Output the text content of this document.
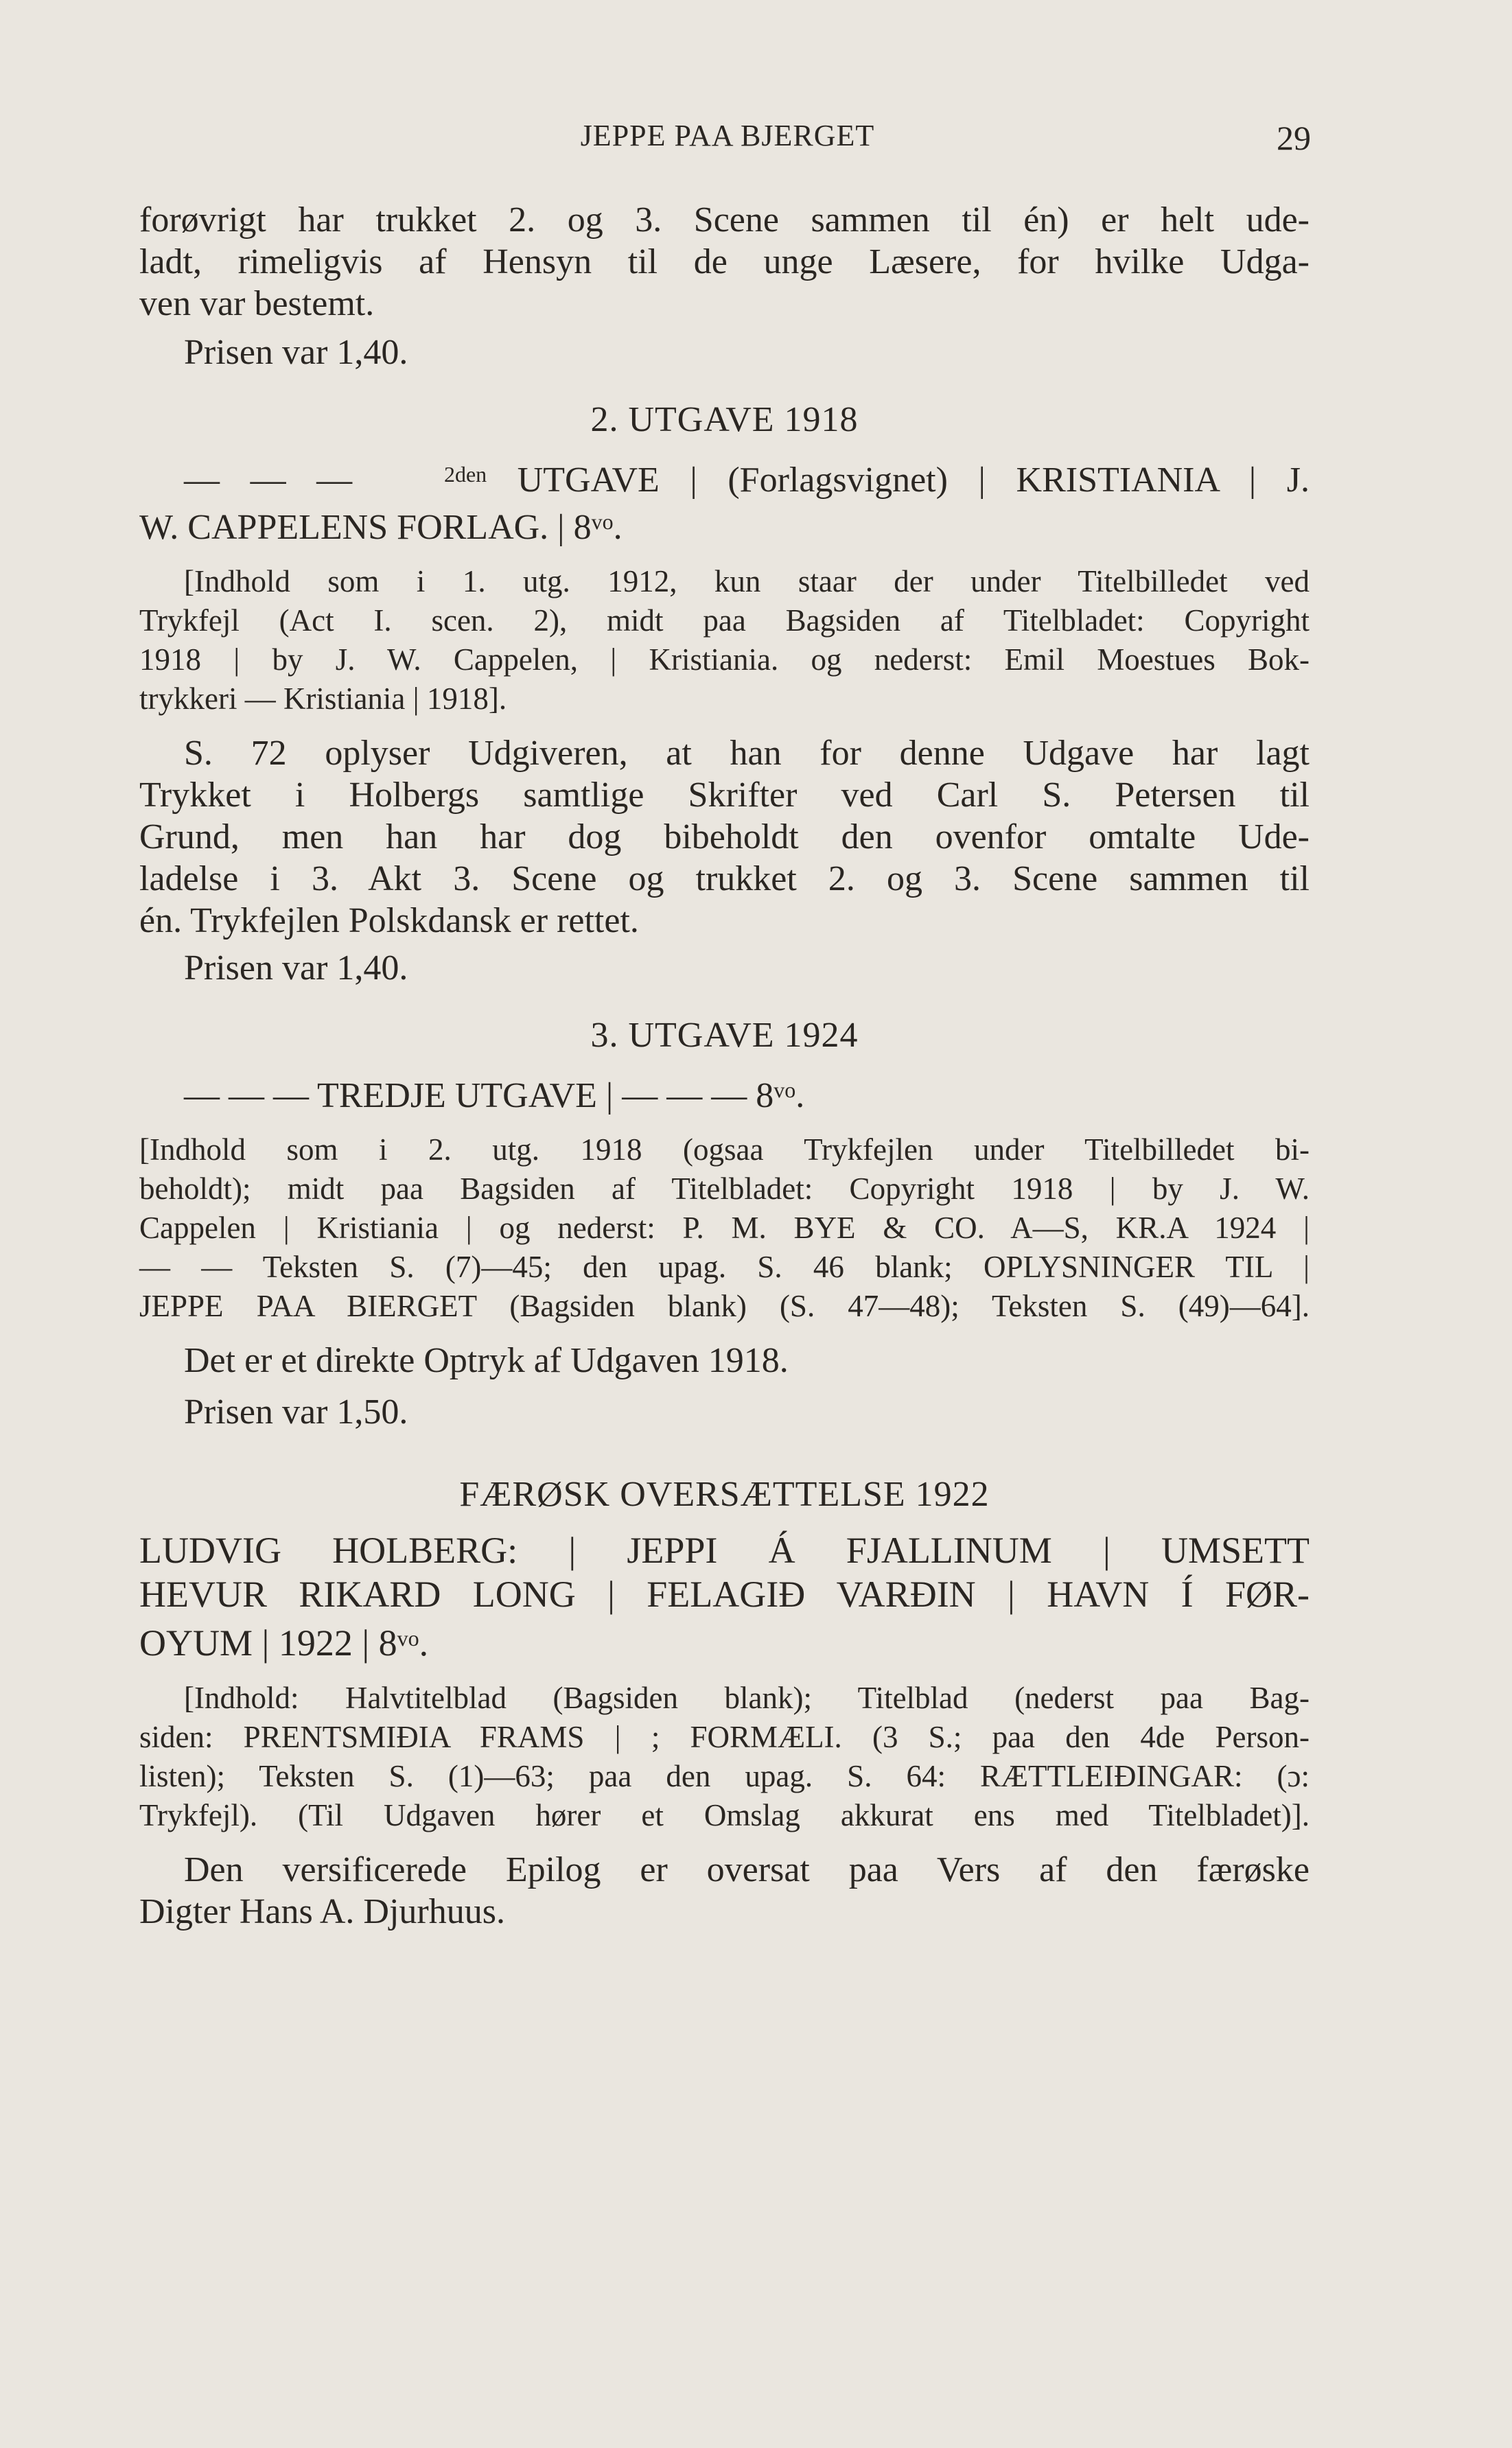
JEPPE PAA BJERGET	29

forøvrigt har trukket 2. og 3. Scene sammen til én) er helt ude-
ladt, rimeligvis af Hensyn til de unge Læsere, for hvilke Udga-
ven var bestemt.

Prisen var 1,40.

2. UTGAVE 1918

— — —	$^{2den}$ UTGAVE | (Forlagsvignet) | KRISTIANIA | J.

W. CAPPELENS FORLAG. | $8^{vo}$.

[Indhold som i 1. utg. 1912, kun staar der under Titelbilledet ved

Trykfejl (Act I. scen. 2), midt paa Bagsiden af Titelbladet: Copyright
1918 | by J. W. Cappelen, | Kristiania. og nederst: Emil Moestues Bok-
trykkeri — Kristiania | 1918].

S. 72 oplyser Udgiveren, at han for denne Udgave har lagt

Trykket i Holbergs samtlige Skrifter ved Carl S. Petersen til
Grund, men han har dog bibeholdt den ovenfor omtalte Ude-
ladelse i 3. Akt 3. Scene og trukket 2. og 3. Scene sammen til
én. Trykfejlen Polskdansk er rettet.

Prisen var 1,40.

3. UTGAVE 1924

— — — TREDJE UTGAVE | — — — $8^{vo}$.

[Indhold som i 2. utg. 1918 (ogsaa Trykfejlen under Titelbilledet bi-
beholdt); midt paa Bagsiden af Titelbladet: Copyright 1918 | by J. W.
Cappelen | Kristiania | og nederst: P. M. BYE & CO. A—S, KR.A 1924 |
— — Teksten S. (7)—45; den upag. S. 46 blank; OPLYSNINGER TIL |
JEPPE PAA BIERGET (Bagsiden blank) (S. 47—48); Teksten S. (49)—64].

Det er et direkte Optryk af Udgaven 1918.

Prisen var 1,50.

FÆRØSK OVERSÆTTELSE 1922

LUDVIG HOLBERG: | JEPPI Á FJALLINUM | UMSETT
HEVUR RIKARD LONG | FELAGIÐ VARÐIN | HAVN Í FØR-
OYUM | 1922 | $8^{vo}$.

[Indhold: Halvtitelblad (Bagsiden blank); Titelblad (nederst paa Bag-

siden: PRENTSMIÐIA FRAMS | ; FORMÆLI. (3 S.; paa den 4de Person-
listen); Teksten S. (1)—63; paa den upag. S. 64: RÆTTLEIÐINGAR: (ɔ:
Trykfejl). (Til Udgaven hører et Omslag akkurat ens med Titelbladet)].

Den versificerede Epilog er oversat paa Vers af den færøske

Digter Hans A. Djurhuus.
